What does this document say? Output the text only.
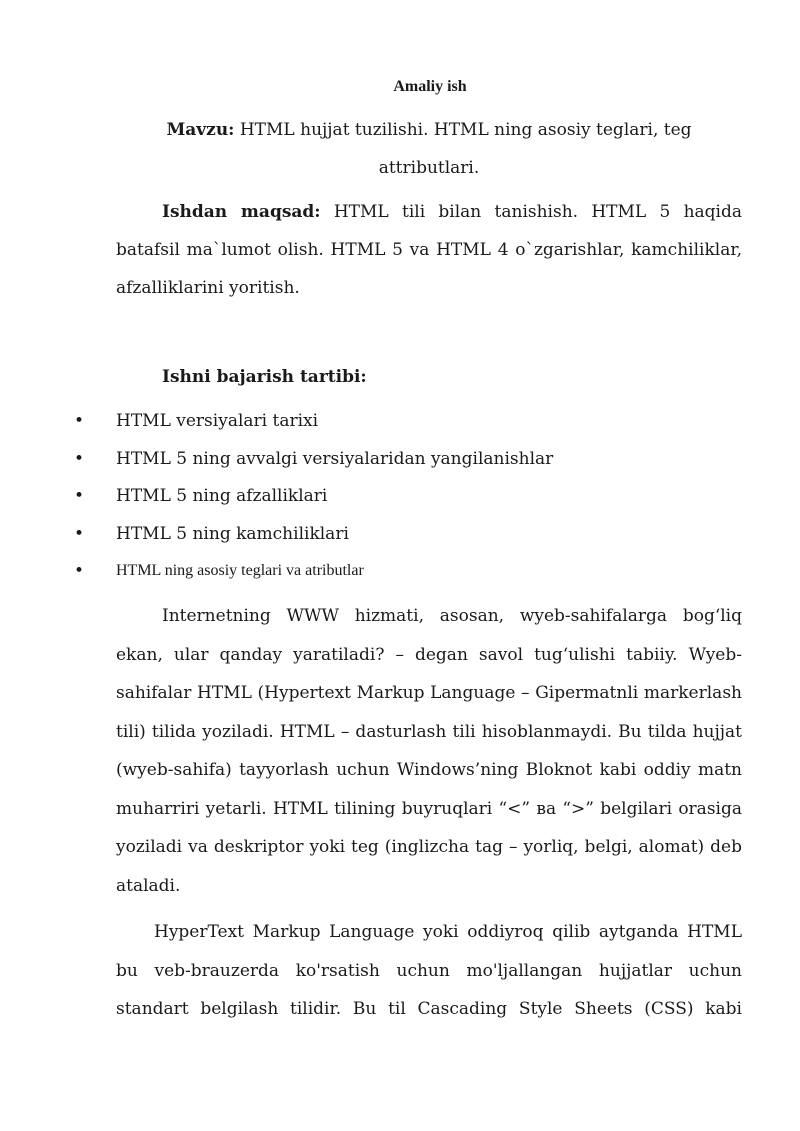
Amaliy ish

Mavzu: HTML hujjat tuzilishi. HTML ning asosiy teglari, teg attributlari.

Ishdan maqsad: HTML tili bilan tanishish. HTML 5 haqida batafsil ma`lumot olish. HTML 5 va HTML 4 o`zgarishlar, kamchiliklar, afzalliklarini yoritish.

Ishni bajarish tartibi:

• HTML versiyalari tarixi
• HTML 5 ning avvalgi versiyalaridan yangilanishlar
• HTML 5 ning afzalliklari
• HTML 5 ning kamchiliklari
• HTML ning asosiy teglari va atributlar

Internetning WWW hizmati, asosan, wyeb-sahifalarga bog‘liq ekan, ular qanday yaratiladi? – degan savol tug‘ulishi tabiiy. Wyeb-sahifalar HTML (Hypertext Markup Language – Gipermatnli markerlash tili) tilida yoziladi. HTML – dasturlash tili hisoblanmaydi. Bu tilda hujjat (wyeb-sahifa) tayyorlash uchun Windows’ning Bloknot kabi oddiy matn muharriri yetarli. HTML tilining buyruqlari “<” ва “>” belgilari orasiga yoziladi va deskriptor yoki teg (inglizcha tag – yorliq, belgi, alomat) deb ataladi.

HyperText Markup Language yoki oddiyroq qilib aytganda HTML bu veb-brauzerda ko'rsatish uchun mo'ljallangan hujjatlar uchun standart belgilash tilidir. Bu til Cascading Style Sheets (CSS) kabi
